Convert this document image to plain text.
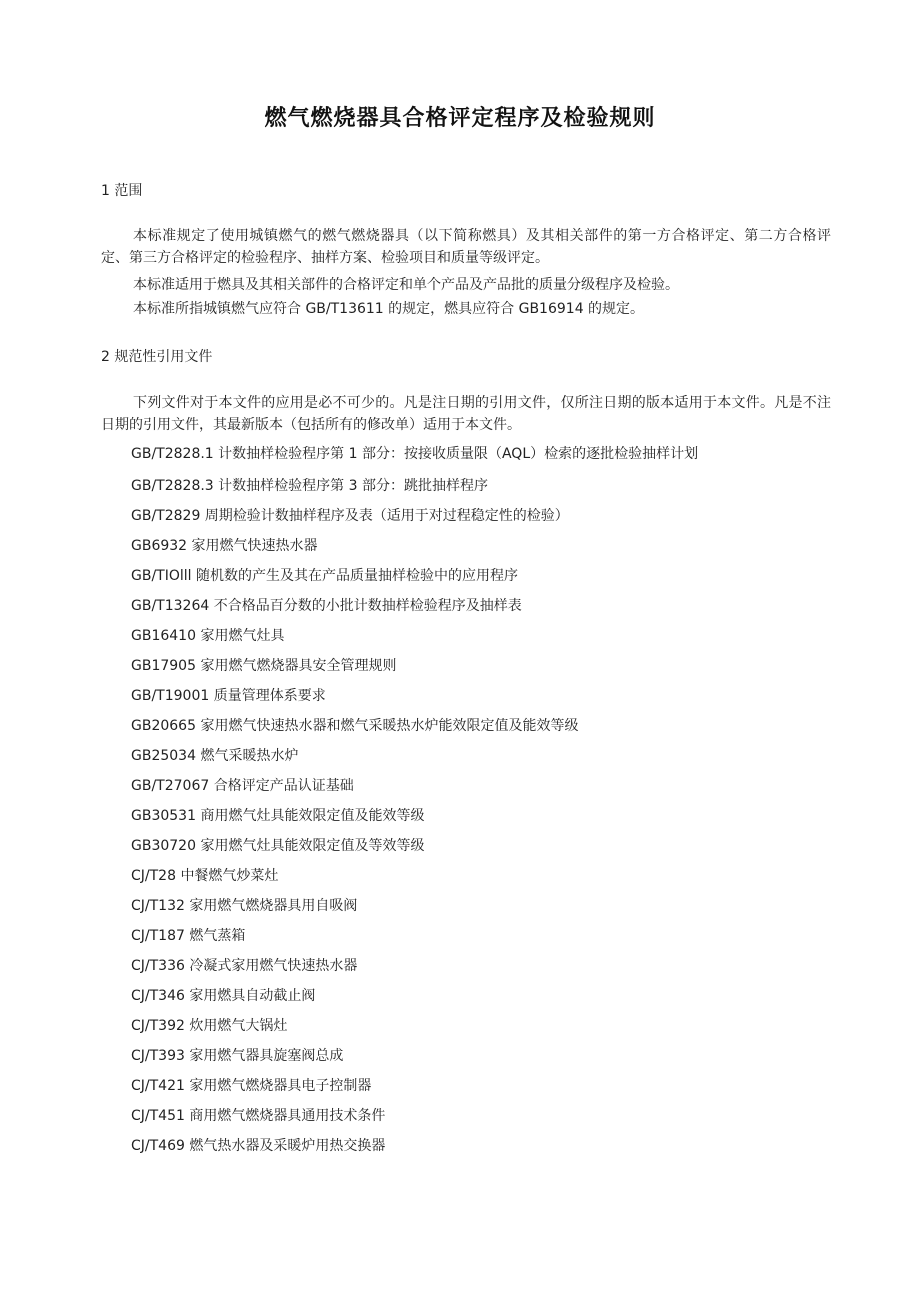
燃气燃烧器具合格评定程序及检验规则
1 范围
本标准规定了使用城镇燃气的燃气燃烧器具（以下简称燃具）及其相关部件的第一方合格评定、第二方合格评定、第三方合格评定的检验程序、抽样方案、检验项目和质量等级评定。
本标准适用于燃具及其相关部件的合格评定和单个产品及产品批的质量分级程序及检验。
本标准所指城镇燃气应符合 GB/T13611 的规定，燃具应符合 GB16914 的规定。
2 规范性引用文件
下列文件对于本文件的应用是必不可少的。凡是注日期的引用文件，仅所注日期的版本适用于本文件。凡是不注日期的引用文件，其最新版本（包括所有的修改单）适用于本文件。
GB/T2828.1 计数抽样检验程序第 1 部分：按接收质量限（AQL）检索的逐批检验抽样计划
GB/T2828.3 计数抽样检验程序第 3 部分：跳批抽样程序
GB/T2829 周期检验计数抽样程序及表（适用于对过程稳定性的检验）
GB6932 家用燃气快速热水器
GB/TIOlll 随机数的产生及其在产品质量抽样检验中的应用程序
GB/T13264 不合格品百分数的小批计数抽样检验程序及抽样表
GB16410 家用燃气灶具
GB17905 家用燃气燃烧器具安全管理规则
GB/T19001 质量管理体系要求
GB20665 家用燃气快速热水器和燃气采暖热水炉能效限定值及能效等级
GB25034 燃气采暖热水炉
GB/T27067 合格评定产品认证基础
GB30531 商用燃气灶具能效限定值及能效等级
GB30720 家用燃气灶具能效限定值及等效等级
CJ/T28 中餐燃气炒菜灶
CJ/T132 家用燃气燃烧器具用自吸阀
CJ/T187 燃气蒸箱
CJ/T336 冷凝式家用燃气快速热水器
CJ/T346 家用燃具自动截止阀
CJ/T392 炊用燃气大锅灶
CJ/T393 家用燃气器具旋塞阀总成
CJ/T421 家用燃气燃烧器具电子控制器
CJ/T451 商用燃气燃烧器具通用技术条件
CJ/T469 燃气热水器及采暖炉用热交换器
